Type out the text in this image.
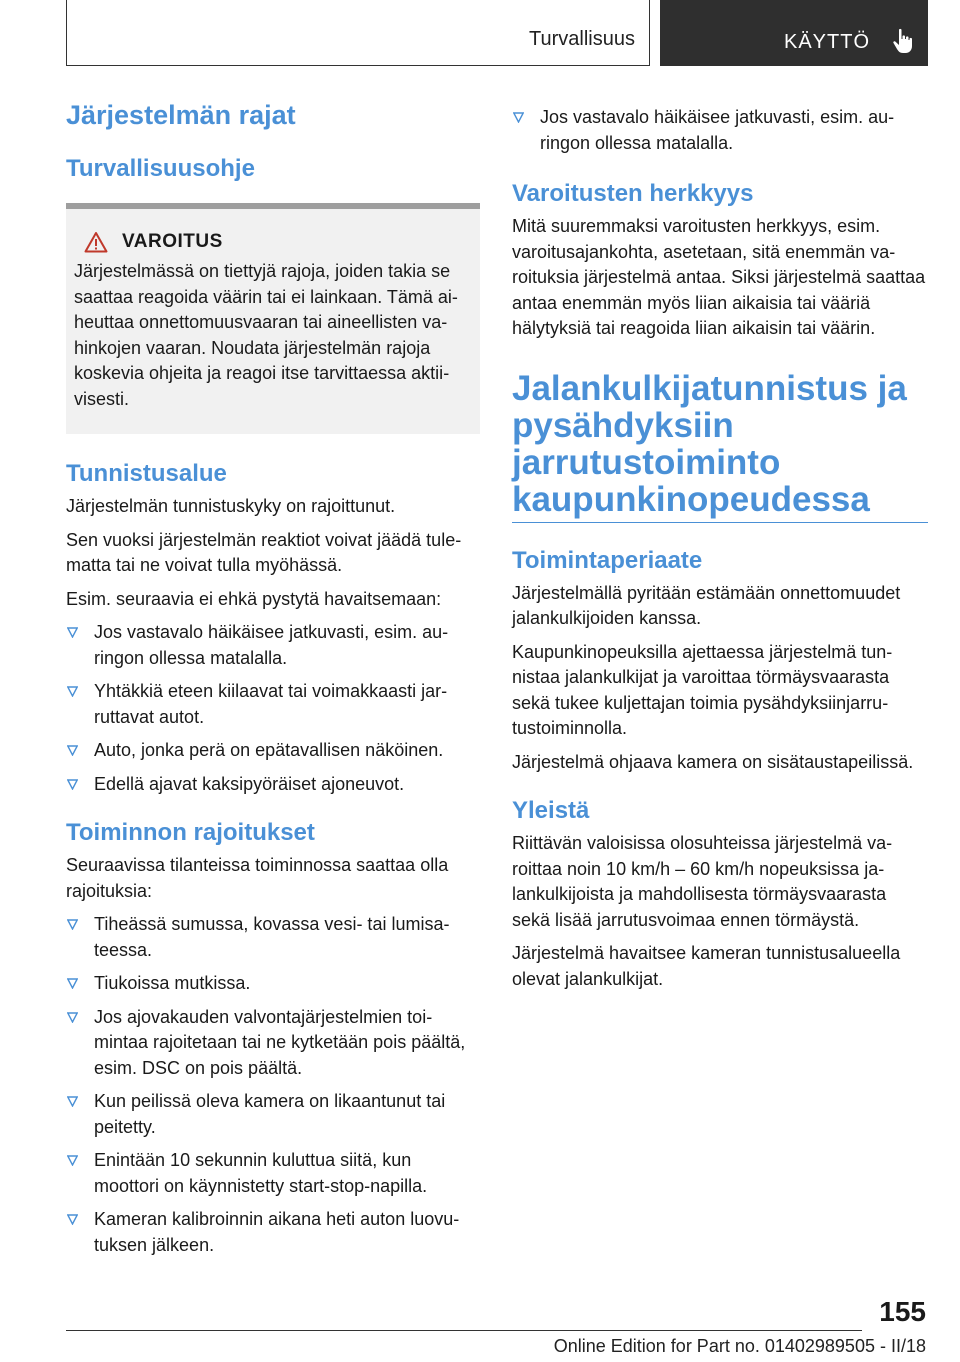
Turvallisuus	KÄYTTÖ
Järjestelmän rajat
Turvallisuusohje
VAROITUS

Järjestelmässä on tiettyjä rajoja, joiden takia se saattaa reagoida väärin tai ei lainkaan. Tämä aiheuttaa onnettomuusvaaran tai aineellisten vahinkojen vaaran. Noudata järjestelmän rajoja koskevia ohjeita ja reagoi itse tarvittaessa aktiivisesti.

Tunnistusalue

Järjestelmän tunnistuskyky on rajoittunut.

Sen vuoksi järjestelmän reaktiot voivat jäädä tulematta tai ne voivat tulla myöhässä.

Esim. seuraavia ei ehkä pystytä havaitsemaan:

Jos vastavalo häikäisee jatkuvasti, esim. auringon ollessa matalalla.
Yhtäkkiä eteen kiilaavat tai voimakkaasti jarruttavat autot.
Auto, jonka perä on epätavallisen näköinen.
Edellä ajavat kaksipyöräiset ajoneuvot.
Toiminnon rajoitukset

Seuraavissa tilanteissa toiminnossa saattaa olla rajoituksia:

Tiheässä sumussa, kovassa vesi- tai lumisateessa.
Tiukoissa mutkissa.
Jos ajovakauden valvontajärjestelmien toimintaa rajoitetaan tai ne kytketään pois päältä, esim. DSC on pois päältä.
Kun peilissä oleva kamera on likaantunut tai peitetty.
Enintään 10 sekunnin kuluttua siitä, kun moottori on käynnistetty start-stop-napilla.
Kameran kalibroinnin aikana heti auton luovutuksen jälkeen.
Jos vastavalo häikäisee jatkuvasti, esim. auringon ollessa matalalla.
Varoitusten herkkyys

Mitä suuremmaksi varoitusten herkkyys, esim. varoitusajankohta, asetetaan, sitä enemmän varoituksia järjestelmä antaa. Siksi järjestelmä saattaa antaa enemmän myös liian aikaisia tai vääriä hälytyksiä tai reagoida liian aikaisin tai väärin.

Jalankulkijatunnistus ja pysähdyksiin jarrutustoiminto kaupunkinopeudessa
Toimintaperiaate

Järjestelmällä pyritään estämään onnettomuudet jalankulkijoiden kanssa.

Kaupunkinopeuksilla ajettaessa järjestelmä tunnistaa jalankulkijat ja varoittaa törmäysvaarasta sekä tukee kuljettajan toimia pysähdyksiinjarrutustoiminnolla.

Järjestelmä ohjaava kamera on sisätaustapeilissä.

Yleistä

Riittävän valoisissa olosuhteissa järjestelmä varoittaa noin 10 km/h – 60 km/h nopeuksissa jalankulkijoista ja mahdollisesta törmäysvaarasta sekä lisää jarrutusvoimaa ennen törmäystä.

Järjestelmä havaitsee kameran tunnistusalueella olevat jalankulkijat.

155
Online Edition for Part no. 01402989505 - II/18
